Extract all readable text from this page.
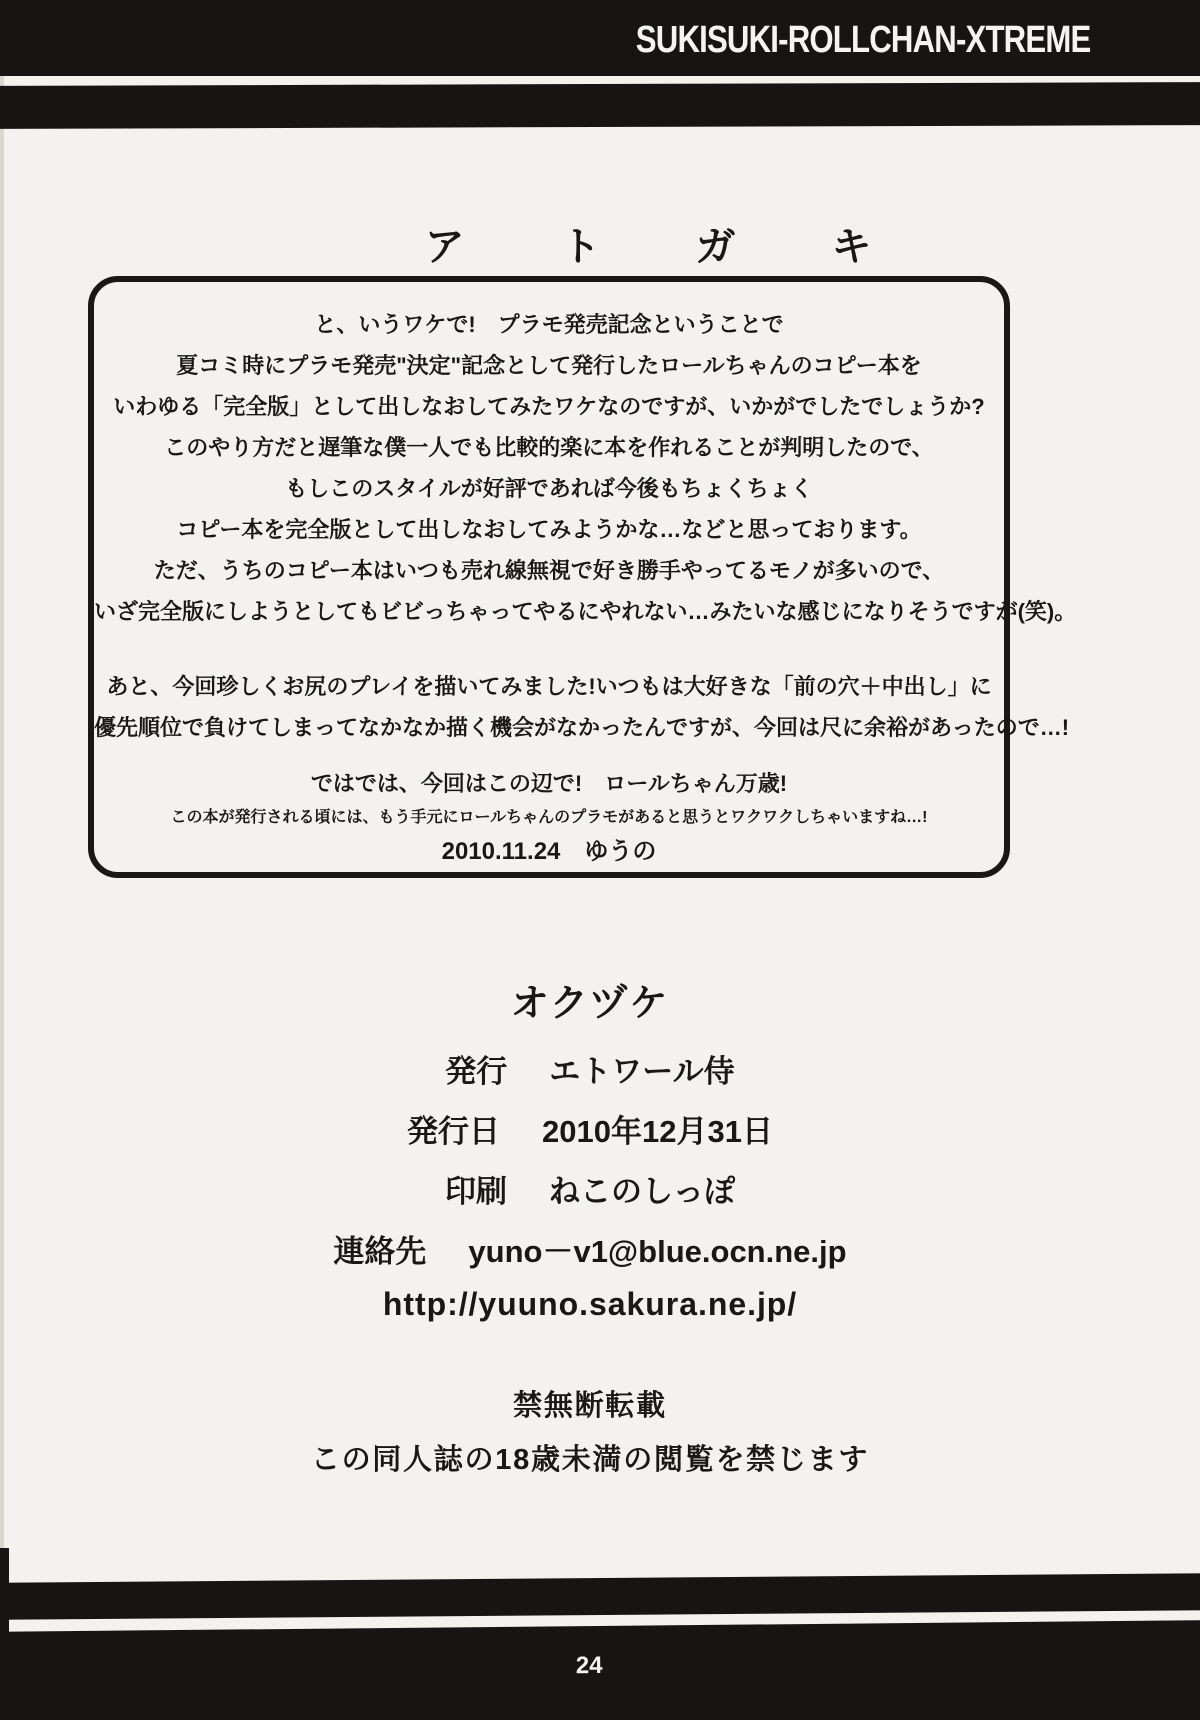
SUKISUKI-ROLLCHAN-XTREME
アトガキ

と、いうワケで!　プラモ発売記念ということで

夏コミ時にプラモ発売"決定"記念として発行したロールちゃんのコピー本を

いわゆる「完全版」として出しなおしてみたワケなのですが、いかがでしたでしょうか?

このやり方だと遅筆な僕一人でも比較的楽に本を作れることが判明したので、

もしこのスタイルが好評であれば今後もちょくちょく

コピー本を完全版として出しなおしてみようかな…などと思っております。

ただ、うちのコピー本はいつも売れ線無視で好き勝手やってるモノが多いので、

いざ完全版にしようとしてもビビっちゃってやるにやれない…みたいな感じになりそうですが(笑)。

あと、今回珍しくお尻のプレイを描いてみました!いつもは大好きな「前の穴＋中出し」に

優先順位で負けてしまってなかなか描く機会がなかったんですが、今回は尺に余裕があったので…!

ではでは、今回はこの辺で!　ロールちゃん万歳!

この本が発行される頃には、もう手元にロールちゃんのプラモがあると思うとワクワクしちゃいますね…!

2010.11.24　ゆうの

オクヅケ

発行 エトワール侍

発行日 2010年12月31日

印刷 ねこのしっぽ

連絡先 yuno－v1@blue.ocn.ne.jp

http://yuuno.sakura.ne.jp/

禁無断転載

この同人誌の18歳未満の閲覧を禁じます

24
